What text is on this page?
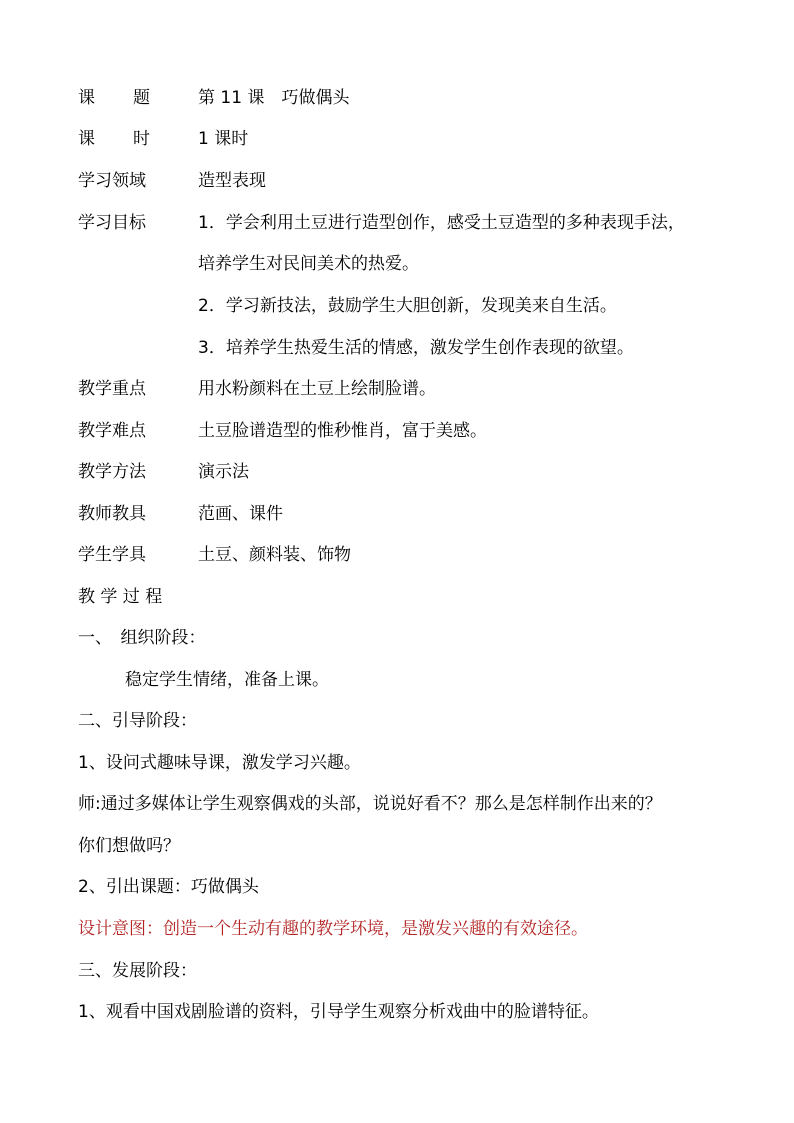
课 题	第 11 课　巧做偶头
课 时	1 课时
学习领域	造型表现
学习目标	1．学会利用土豆进行造型创作，感受土豆造型的多种表现手法，
培养学生对民间美术的热爱。
2．学习新技法，鼓励学生大胆创新，发现美来自生活。
3．培养学生热爱生活的情感，激发学生创作表现的欲望。
教学重点	用水粉颜料在土豆上绘制脸谱。
教学难点	土豆脸谱造型的惟秒惟肖，富于美感。
教学方法	演示法
教师教具	范画、课件
学生学具	土豆、颜料装、饰物
教 学 过 程
一、　组织阶段：
稳定学生情绪，准备上课。
二、引导阶段：
1、设问式趣味导课，激发学习兴趣。
师:通过多媒体让学生观察偶戏的头部，说说好看不？那么是怎样制作出来的？
你们想做吗？
2、引出课题：巧做偶头
设计意图：创造一个生动有趣的教学环境，是激发兴趣的有效途径。
三、发展阶段：
1、观看中国戏剧脸谱的资料，引导学生观察分析戏曲中的脸谱特征。
